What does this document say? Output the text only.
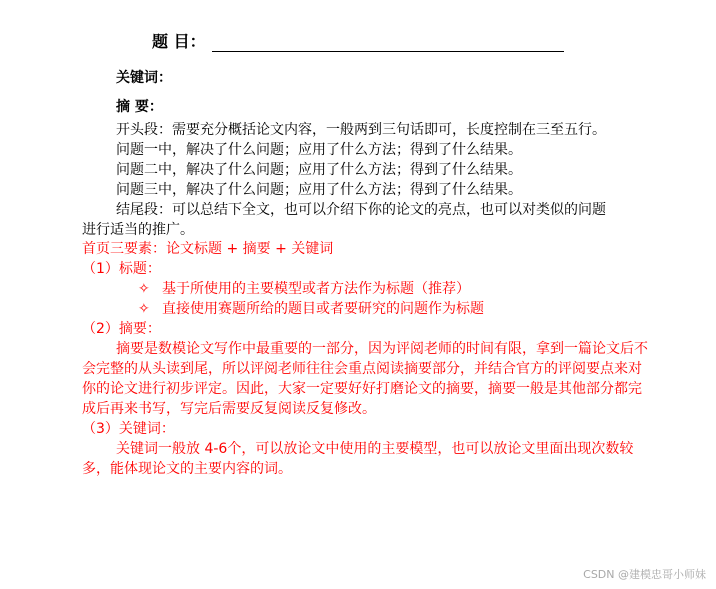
题 目：
关键词：
摘 要：
开头段：需要充分概括论文内容，一般两到三句话即可，长度控制在三至五行。
问题一中，解决了什么问题；应用了什么方法；得到了什么结果。
问题二中，解决了什么问题；应用了什么方法；得到了什么结果。
问题三中，解决了什么问题；应用了什么方法；得到了什么结果。
结尾段：可以总结下全文，也可以介绍下你的论文的亮点，也可以对类似的问题
进行适当的推广。
首页三要素：论文标题 + 摘要 + 关键词
（1）标题：
✧ 基于所使用的主要模型或者方法作为标题（推荐）
✧ 直接使用赛题所给的题目或者要研究的问题作为标题
（2）摘要：
摘要是数模论文写作中最重要的一部分，因为评阅老师的时间有限，拿到一篇论文后不会完整的从头读到尾，所以评阅老师往往会重点阅读摘要部分，并结合官方的评阅要点来对你的论文进行初步评定。因此，大家一定要好好打磨论文的摘要，摘要一般是其他部分都完成后再来书写，写完后需要反复阅读反复修改。
（3）关键词：
关键词一般放 4-6个，可以放论文中使用的主要模型，也可以放论文里面出现次数较多，能体现论文的主要内容的词。
CSDN @建模忠哥小师妹
